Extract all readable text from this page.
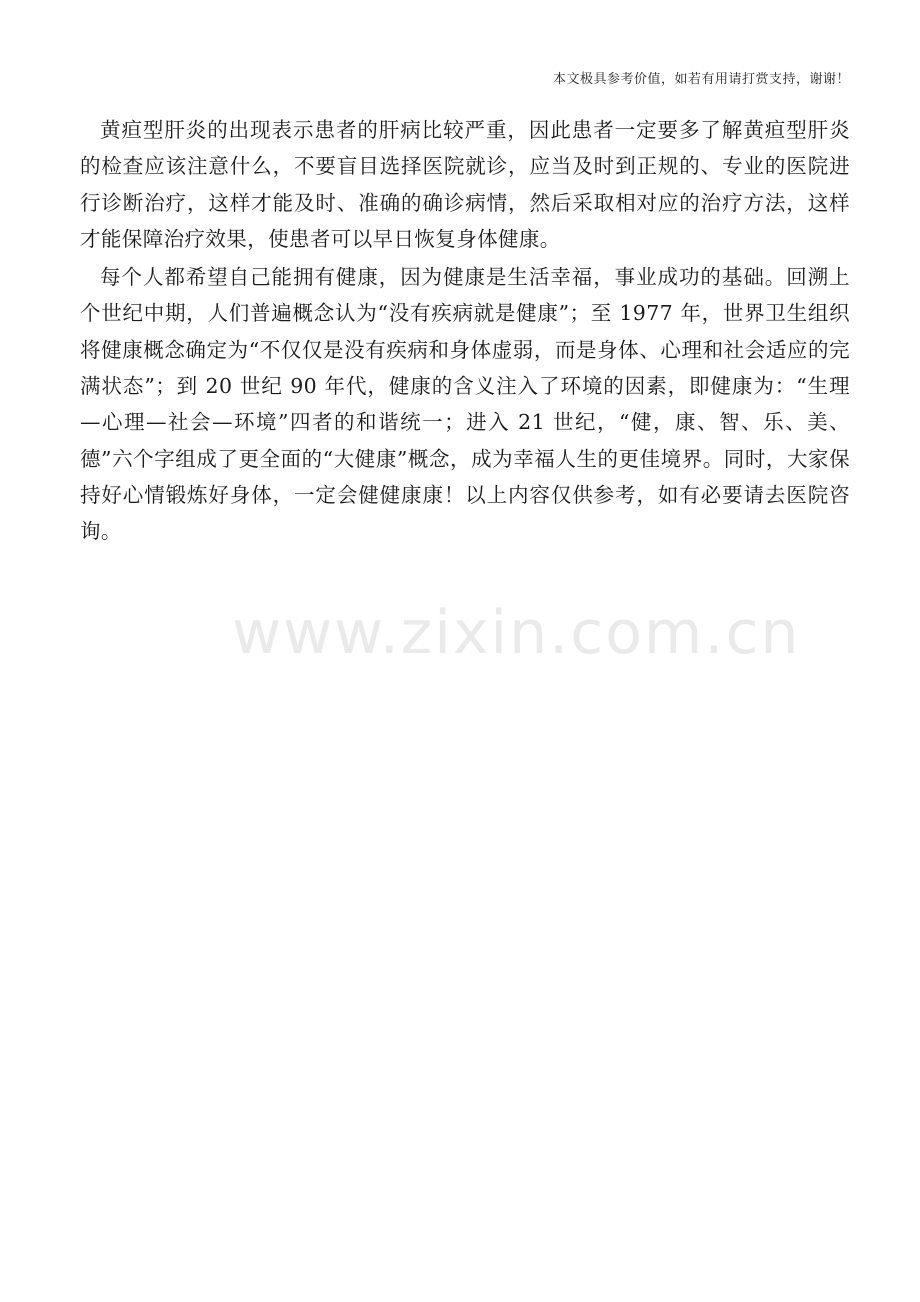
本文极具参考价值，如若有用请打赏支持，谢谢！

黄疸型肝炎的出现表示患者的肝病比较严重，因此患者一定要多了解黄疸型肝炎的检查应该注意什么，不要盲目选择医院就诊，应当及时到正规的、专业的医院进行诊断治疗，这样才能及时、准确的确诊病情，然后采取相对应的治疗方法，这样才能保障治疗效果，使患者可以早日恢复身体健康。

每个人都希望自己能拥有健康，因为健康是生活幸福，事业成功的基础。回溯上个世纪中期，人们普遍概念认为“没有疾病就是健康”；至 1977 年，世界卫生组织将健康概念确定为“不仅仅是没有疾病和身体虚弱，而是身体、心理和社会适应的完满状态”；到 20 世纪 90 年代，健康的含义注入了环境的因素，即健康为：“生理—心理—社会—环境”四者的和谐统一；进入 21 世纪，“健，康、智、乐、美、德”六个字组成了更全面的“大健康”概念，成为幸福人生的更佳境界。同时，大家保持好心情锻炼好身体，一定会健健康康！以上内容仅供参考，如有必要请去医院咨询。

www.zixin.com.cn
